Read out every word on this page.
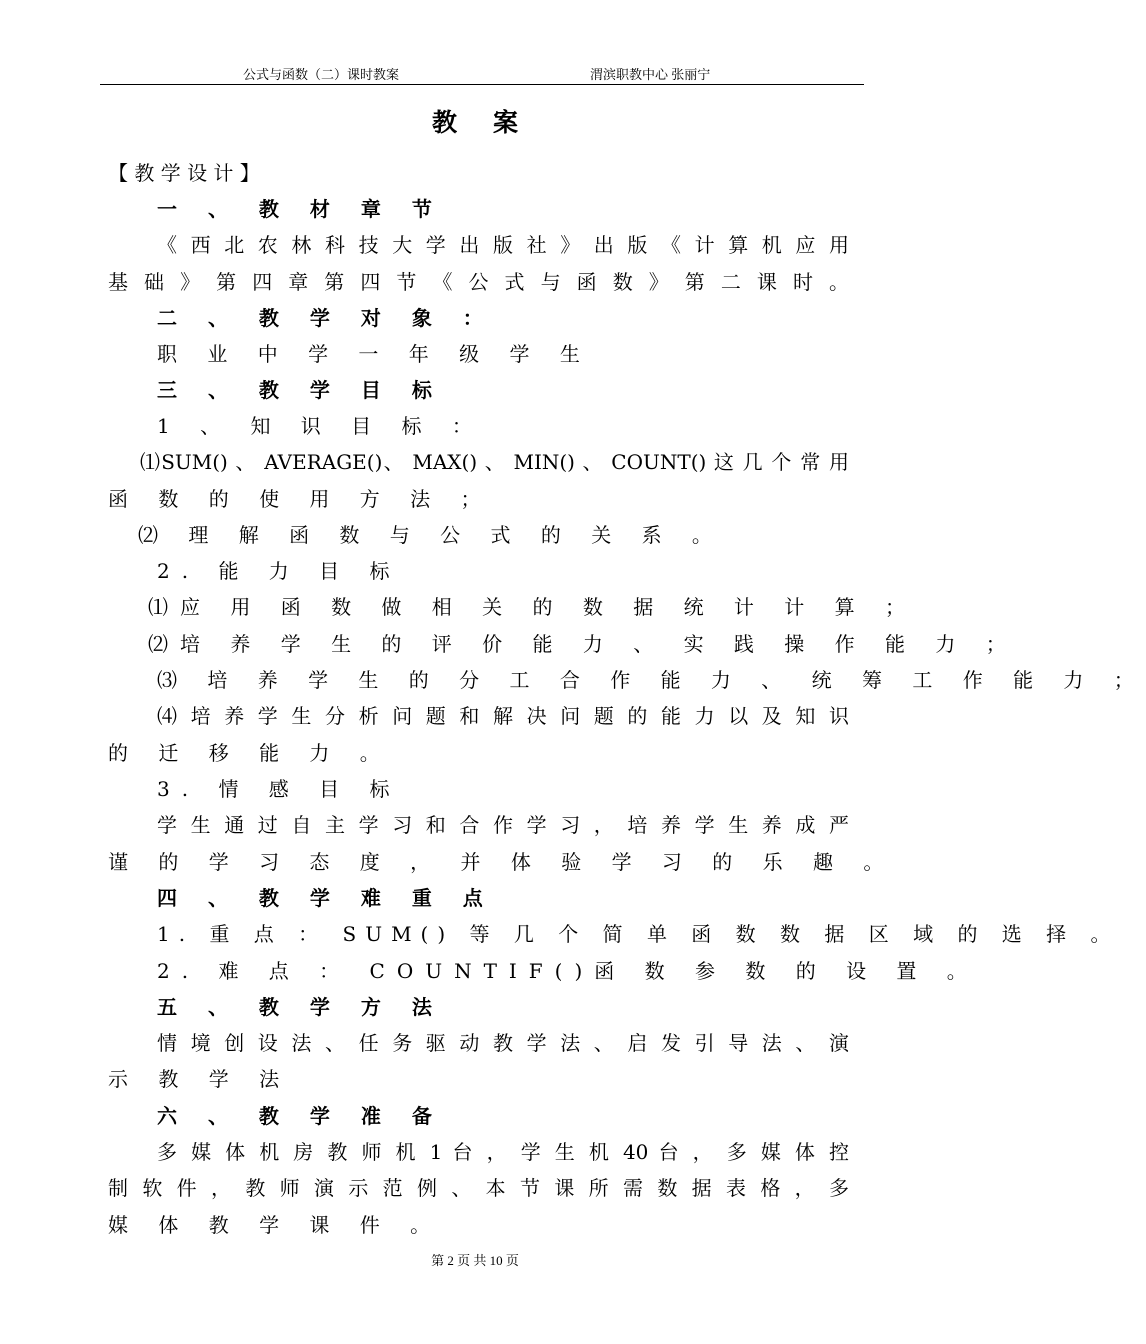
公式与函数（二）课时教案	渭滨职教中心 张丽宁
教案
【 教 学 设 计 】
一 、 教 材 章 节
《 西 北 农 林 科 技 大 学 出 版 社 》 出 版 《 计 算 机 应 用
基 础 》 第 四 章 第 四 节 《 公 式 与 函 数 》 第 二 课 时 。
二 、 教 学 对 象 ：
职 业 中 学 一 年 级 学 生
三 、 教 学 目 标
1 、 知 识 目 标 ：
⑴SUM() 、 AVERAGE()、 MAX() 、 MIN() 、 COUNT() 这 几 个 常 用
函 数 的 使 用 方 法 ；
⑵ 理 解 函 数 与 公 式 的 关 系 。
2. 能 力 目 标
⑴应 用 函 数 做 相 关 的 数 据 统 计 计 算 ；
⑵培 养 学 生 的 评 价 能 力 、 实 践 操 作 能 力 ；
⑶ 培 养 学 生 的 分 工 合 作 能 力 、 统 筹 工 作 能 力 ；
⑷ 培 养 学 生 分 析 问 题 和 解 决 问 题 的 能 力 以 及 知 识
的 迁 移 能 力 。
3. 情 感 目 标
学 生 通 过 自 主 学 习 和 合 作 学 习 ， 培 养 学 生 养 成 严
谨 的 学 习 态 度 ， 并 体 验 学 习 的 乐 趣 。
四 、 教 学 难 重 点
1. 重 点 ： SUM() 等 几 个 简 单 函 数 数 据 区 域 的 选 择 。
2. 难 点 ： COUNTIF()函 数 参 数 的 设 置 。
五 、 教 学 方 法
情 境 创 设 法 、 任 务 驱 动 教 学 法 、 启 发 引 导 法 、 演
示 教 学 法
六 、 教 学 准 备
多 媒 体 机 房 教 师 机 1 台 ， 学 生 机 40 台 ， 多 媒 体 控
制 软 件 ， 教 师 演 示 范 例 、 本 节 课 所 需 数 据 表 格 ， 多
媒 体 教 学 课 件 。
第 2 页 共 10 页
